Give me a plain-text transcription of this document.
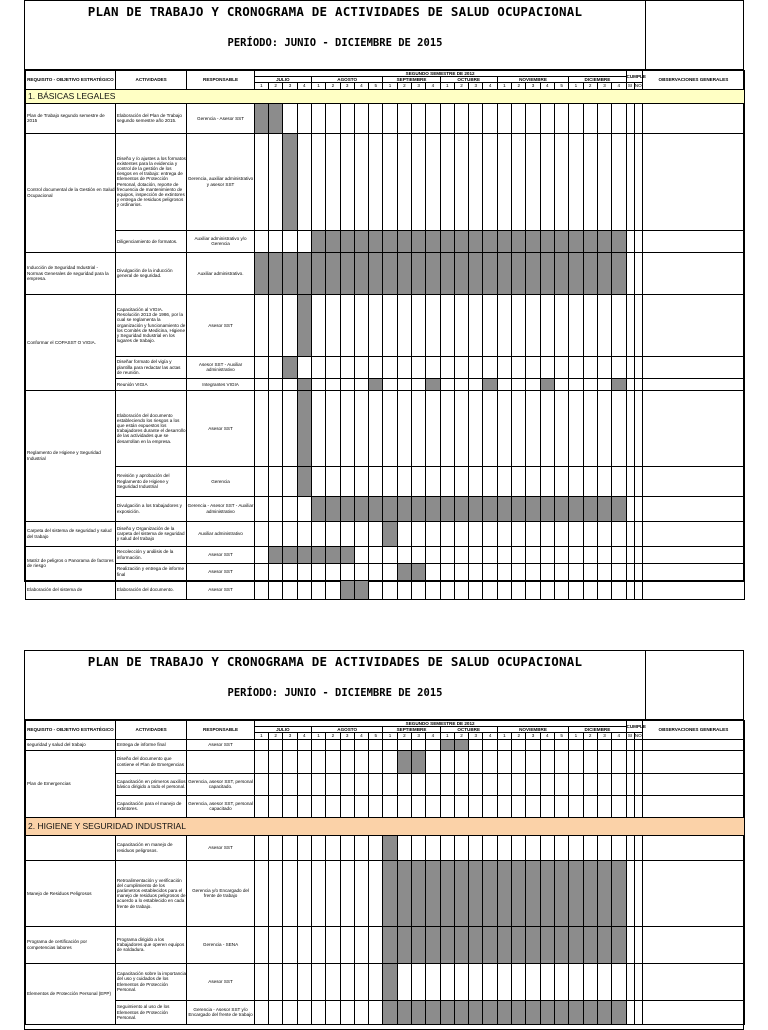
PLAN DE TRABAJO Y CRONOGRAMA DE ACTIVIDADES DE SALUD OCUPACIONAL
PERÍODO: JUNIO - DICIEMBRE DE 2015
REQUISITO - OBJETIVO ESTRATÉGICO	ACTIVIDADES	RESPONSABLE	SEGUNDO SEMESTRE DE 2012																										CUMPLE		OBSERVACIONES GENERALES
			JULIO				AGOSTO					SEPTIEMBRE				OCTUBRE				NOVIEMBRE					DICIEMBRE						
			1	2	3	4	1	2	3	4	5	1	2	3	4	1	2	3	4	1	2	3	4	5	1	2	3	4	SI	NO	
1. BÁSICAS LEGALES																															
Plan de Trabajo segundo semestre de 2015	Elaboración del Plan de Trabajo segundo semestre año 2015.	Gerencia - Asesor SST																													
Control documental de la Gestión en Salud Ocupacional	Diseño y /o ajustes a los formatos existentes para la evidencia y control de la gestión de los riesgos en el trabajo: entrega de Elementos de Protección Personal, dotación, reporte de frecuencia de mantenimiento de equipos, inspección de extintores y entrega de residuos peligrosos y ordinarios.	Gerencia, auxiliar administrativo y asesor SST																													
	Diligenciamiento de formatos.	Auxiliar administrativo y/o Gerencia																													
Inducción de Seguridad Industrial - Normas Generales de seguridad para la empresa.	Divulgación de la inducción general de seguridad.	Auxiliar administrativo.																													
Conformar el COPASST O VIGIA.	Capacitación al VIGIA. Resolución 2013 de 1986, por la cual se reglamenta la organización y funcionamiento de los Comités de Medicina, Higiene y Seguridad Industrial en los lugares de trabajo.	Asesor SST																													
	Diseñar formato del vigía y plantilla para redactar las actas de reunión.	Asesor SST - Auxiliar administrativo																													
	Reunión VIGIA	Integrantes VIGIA																													
Reglamento de Higiene y Seguridad Industrial	Elaboración del documento estableciendo los riesgos a los que están expuestos los trabajadores durante el desarrollo de las actividades que se desarrollan en la empresa.	Asesor SST																													
	Revisión y aprobación del Reglamento de Higiene y Seguridad Industrial	Gerencia																													
	Divulgación a los trabajadores y exposición.	Gerencia - Asesor SST - Auxiliar administrativo																													
Carpeta del sistema de seguridad y salud del trabajo	Diseño y Organización de la carpeta del sistema de seguridad y salud del trabajo	Auxiliar administrativo																													
Matriz de peligros o Panorama de factores de riesgo	Recolección y análisis de la información.	Asesor SST																													
	Realización y entrega de informe final	Asesor SST																													
Elaboración del sistema de	Elaboración del documento.	Asesor SST																													
PLAN DE TRABAJO Y CRONOGRAMA DE ACTIVIDADES DE SALUD OCUPACIONAL
PERÍODO: JUNIO - DICIEMBRE DE 2015
REQUISITO - OBJETIVO ESTRATÉGICO	ACTIVIDADES	RESPONSABLE	SEGUNDO SEMESTRE DE 2012																										CUMPLE		OBSERVACIONES GENERALES
			JULIO				AGOSTO					SEPTIEMBRE				OCTUBRE				NOVIEMBRE					DICIEMBRE						
			1	2	3	4	1	2	3	4	5	1	2	3	4	1	2	3	4	1	2	3	4	5	1	2	3	4	SI	NO	
seguridad y salud del trabajo	Entrega de informe final	Asesor SST																													
Plan de Emergencias	Diseño del documento que contiene el Plan de Emergencias																														
	Capacitación en primeros auxilios básico dirigido a todo el personal.	Gerencia, asesor SST, personal capacitado.																													
	Capacitación para el manejo de extintores.	Gerencia, asesor SST, personal capacitado																													
2. HIGIENE Y SEGURIDAD INDUSTRIAL																															
	Capacitación en manejo de residuos peligrosos.	Asesor SST																													
Manejo de Residuos Peligrosos	Retroalimentación y verificación del cumplimiento de los parámetros establecidos para el manejo de residuos peligrosos de acuerdo a lo establecido en cada frente de trabajo.	Gerencia y/o Encargado del frente de trabajo																													
Programa de certificación por competencias labores	Programa dirigido a los trabajadores que operen equipos de soldadura.	Gerencia - SENA																													
Elementos de Protección Personal (EPP)	Capacitación sobre la importancia del uso y cuidados de los Elementos de Protección Personal.	Asesor SST																													
	Seguimiento al uso de los Elementos de Protección Personal.	Gerencia - Asesor SST y/o Encargado del frente de trabajo																													
